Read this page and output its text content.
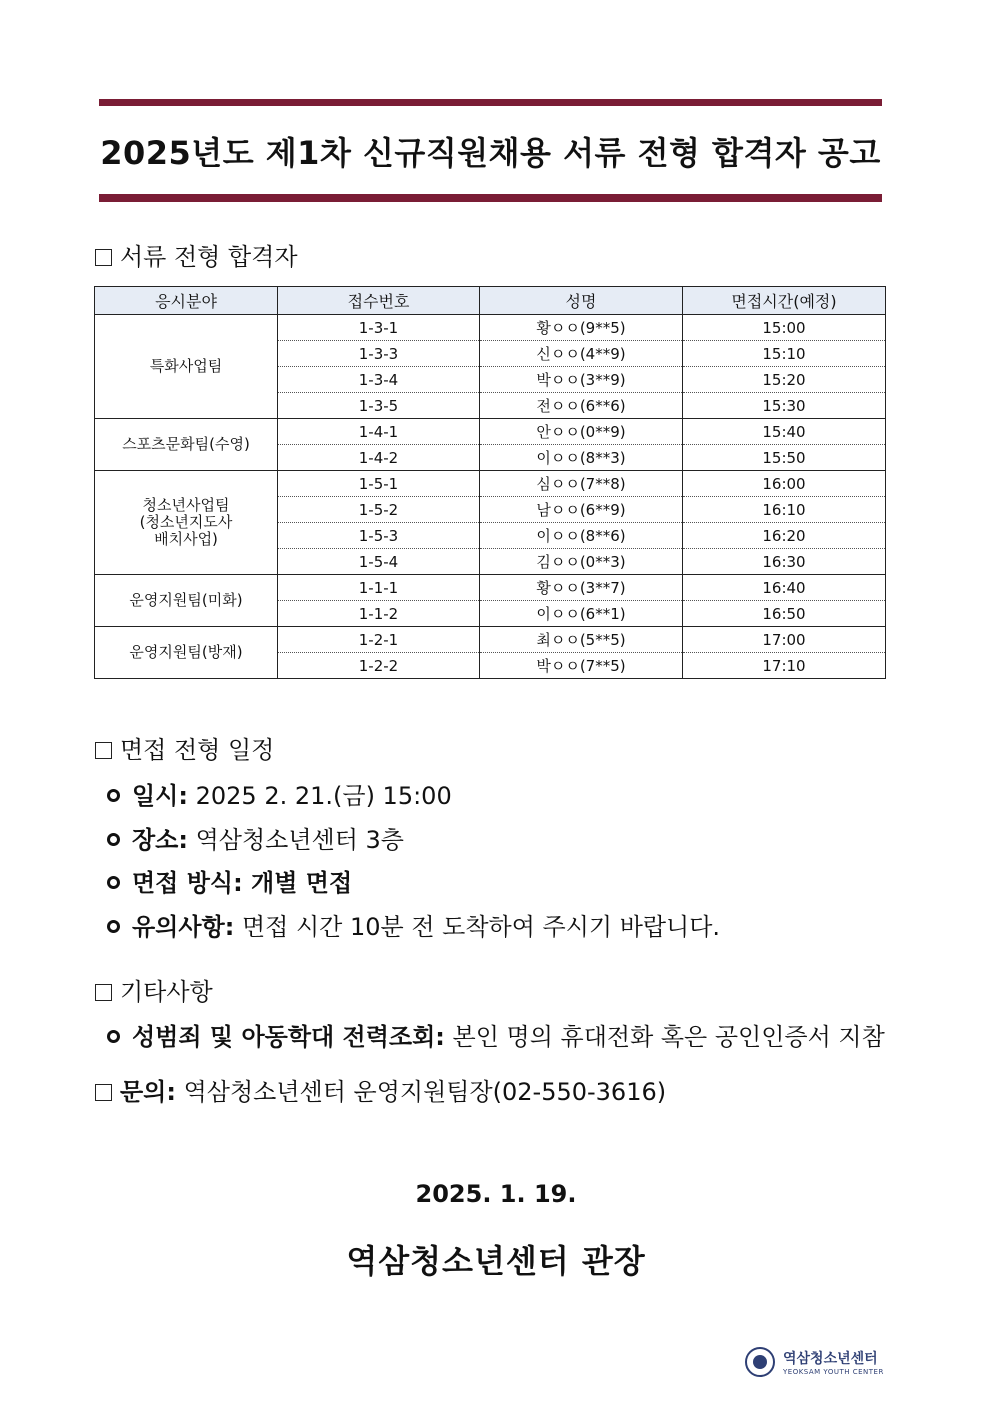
2025년도 제1차 신규직원채용 서류 전형 합격자 공고
서류 전형 합격자
응시분야	접수번호	성명	면접시간(예정)
특화사업팀	1-3-1	황ㅇㅇ(9**5)	15:00
	1-3-3	신ㅇㅇ(4**9)	15:10
	1-3-4	박ㅇㅇ(3**9)	15:20
	1-3-5	전ㅇㅇ(6**6)	15:30
스포츠문화팀(수영)	1-4-1	안ㅇㅇ(0**9)	15:40
	1-4-2	이ㅇㅇ(8**3)	15:50

청소년사업팀
(청소년지도사
배치사업)	1-5-1	심ㅇㅇ(7**8)	16:00
	1-5-2	남ㅇㅇ(6**9)	16:10
	1-5-3	이ㅇㅇ(8**6)	16:20
	1-5-4	김ㅇㅇ(0**3)	16:30
운영지원팀(미화)	1-1-1	황ㅇㅇ(3**7)	16:40
	1-1-2	이ㅇㅇ(6**1)	16:50
운영지원팀(방재)	1-2-1	최ㅇㅇ(5**5)	17:00
	1-2-2	박ㅇㅇ(7**5)	17:10
면접 전형 일정
일시: 2025 2. 21.(금) 15:00
장소: 역삼청소년센터 3층
면접 방식: 개별 면접
유의사항: 면접 시간 10분 전 도착하여 주시기 바랍니다.
기타사항
성범죄 및 아동학대 전력조회: 본인 명의 휴대전화 혹은 공인인증서 지참
문의: 역삼청소년센터 운영지원팀장(02-550-3616)
2025. 1. 19.
역삼청소년센터 관장
역삼청소년센터
YEOKSAM YOUTH CENTER
